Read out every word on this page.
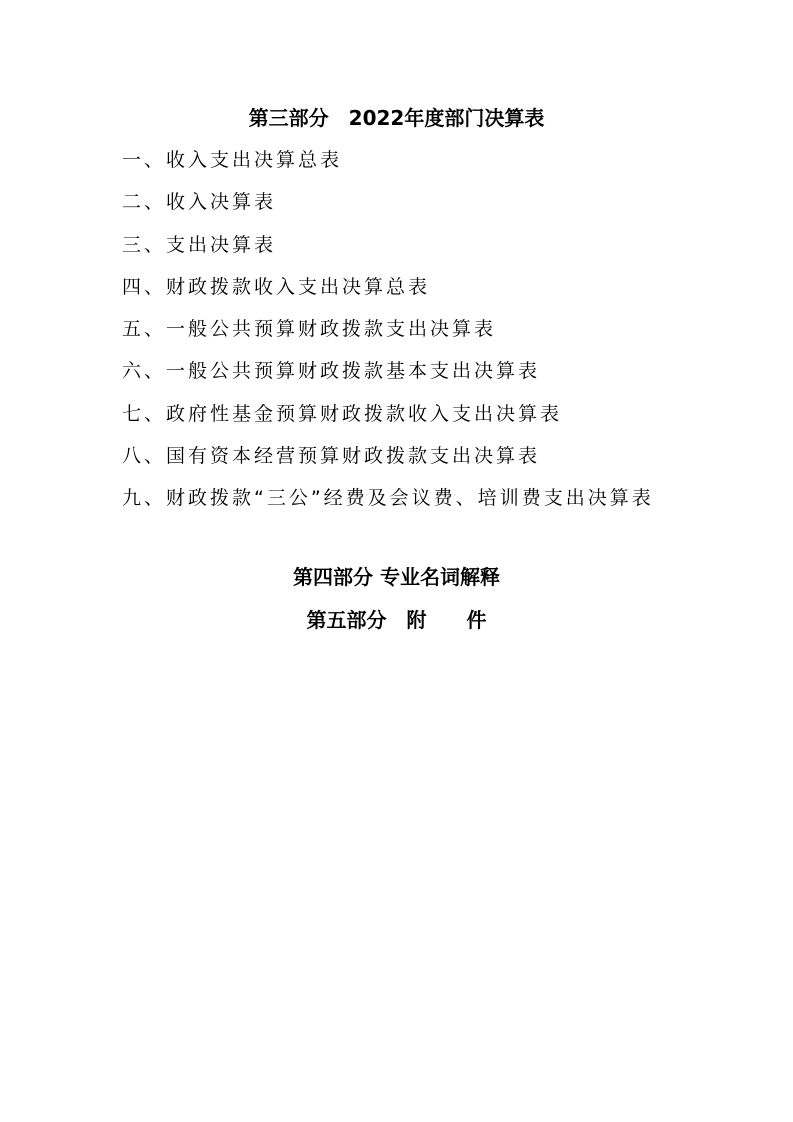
第三部分　2022年度部门决算表
一、收入支出决算总表
二、收入决算表
三、支出决算表
四、财政拨款收入支出决算总表
五、一般公共预算财政拨款支出决算表
六、一般公共预算财政拨款基本支出决算表
七、政府性基金预算财政拨款收入支出决算表
八、国有资本经营预算财政拨款支出决算表
九、财政拨款“三公”经费及会议费、培训费支出决算表
第四部分 专业名词解释
第五部分　附　　件
